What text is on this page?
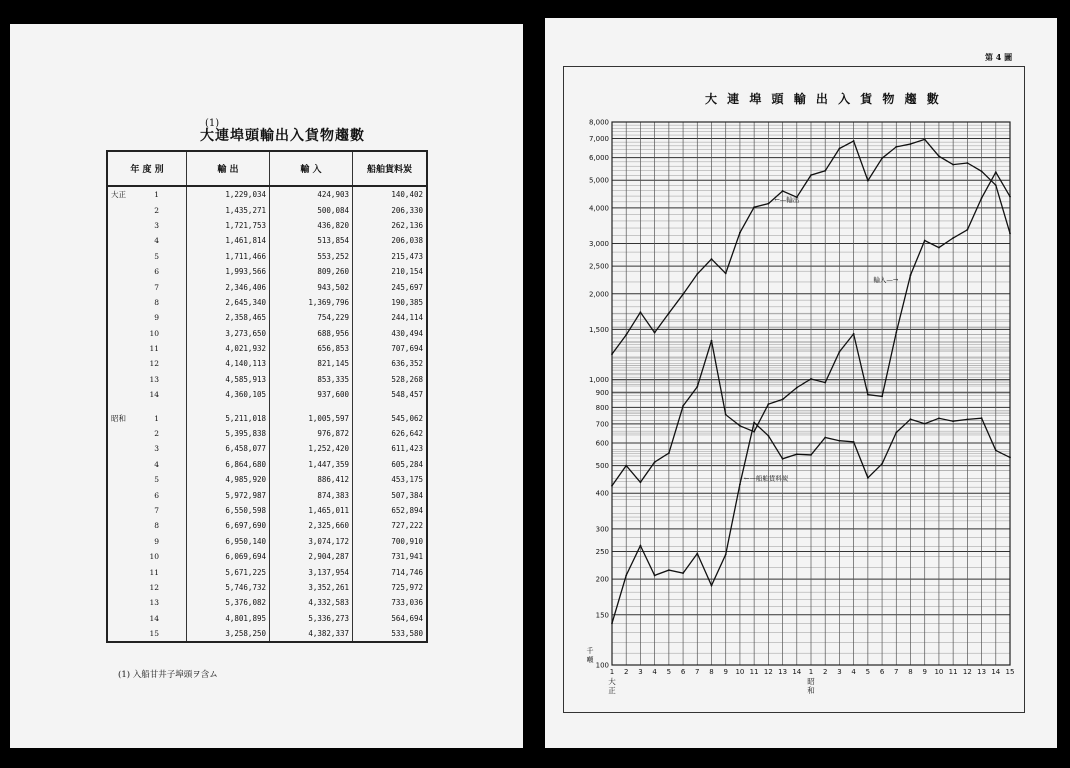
(1)
大連埠頭輸出入貨物趨數
年 度 別	輸 出	輸 入	船舶貨料炭
大正 1	1,229,034	424,903	140,402
2	1,435,271	500,084	206,330
3	1,721,753	436,820	262,136
4	1,461,814	513,854	206,038
5	1,711,466	553,252	215,473
6	1,993,566	809,260	210,154
7	2,346,406	943,502	245,697
8	2,645,340	1,369,796	190,385
9	2,358,465	754,229	244,114
10	3,273,650	688,956	430,494
11	4,021,932	656,853	707,694
12	4,140,113	821,145	636,352
13	4,585,913	853,335	528,268
14	4,360,105	937,600	548,457

昭和 1	5,211,018	1,005,597	545,062
2	5,395,838	976,872	626,642
3	6,458,077	1,252,420	611,423
4	6,864,680	1,447,359	605,284
5	4,985,920	886,412	453,175
6	5,972,987	874,383	507,384
7	6,550,598	1,465,011	652,894
8	6,697,690	2,325,660	727,222
9	6,950,140	3,074,172	700,910
10	6,069,694	2,904,287	731,941
11	5,671,225	3,137,954	714,746
12	5,746,732	3,352,261	725,972
13	5,376,082	4,332,583	733,036
14	4,801,895	5,336,273	564,694
15	3,258,250	4,382,337	533,580
(1) 入船甘井子埠頭ヲ含ム
第 4 圖
大 連 埠 頭 輸 出 入 貨 物 趨 數
8,000
7,000
6,000
5,000
4,000
3,000
2,500
2,000
1,500
1,000
900
800
700
600
500
400
300
250
200
150
100
1 2 3 4 5 6 7 8 9 10 11 12 13 14 1 2 3 4 5 6 7 8 9 10 11 12 13 14 15
大
正
昭
和
千
噸
←—輸出
輸入—→
←—船舶貨料炭
